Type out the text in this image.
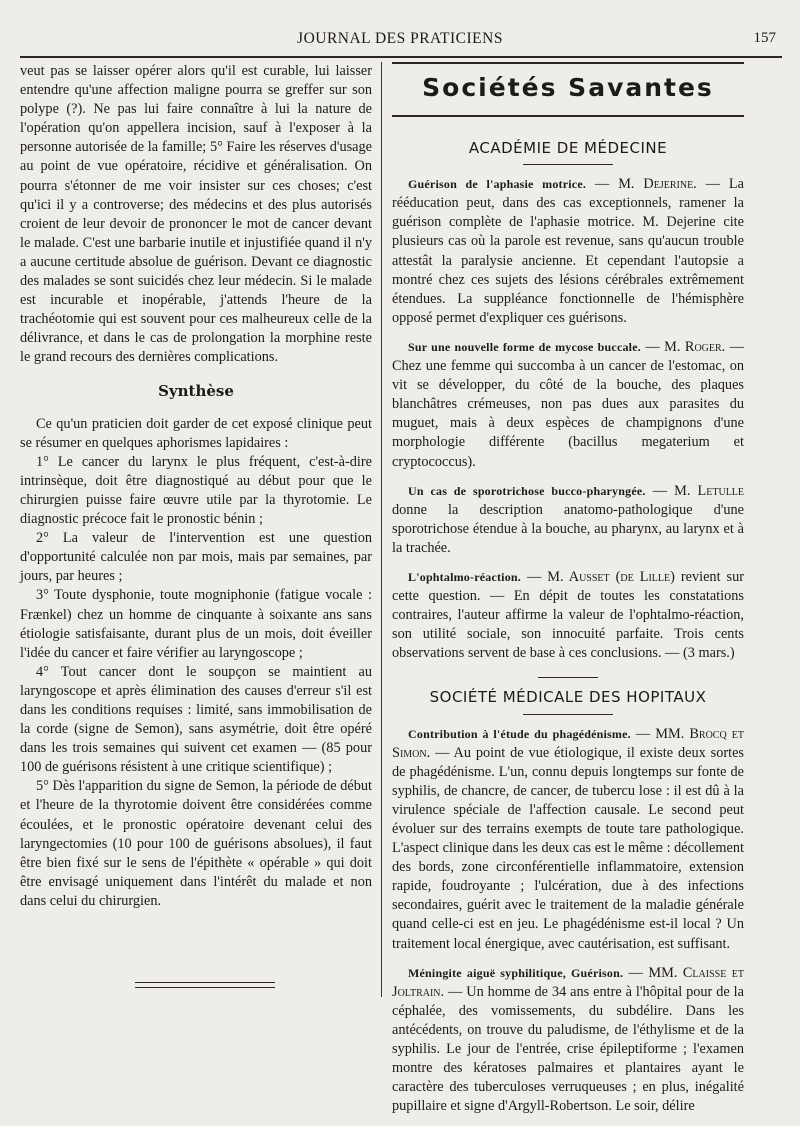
JOURNAL DES PRATICIENS	157

veut pas se laisser opérer alors qu'il est curable, lui laisser entendre qu'une affection maligne pourra se greffer sur son polype (?). Ne pas lui faire connaître à lui la nature de l'opération qu'on appellera incision, sauf à l'exposer à la personne autorisée de la famille; 5° Faire les réserves d'usage au point de vue opératoire, récidive et généralisation. On pourra s'étonner de me voir insister sur ces choses; c'est qu'ici il y a controverse; des médecins et des plus autorisés croient de leur devoir de prononcer le mot de cancer devant le malade. C'est une barbarie inutile et injustifiée quand il n'y a aucune certitude absolue de guérison. Devant ce diagnostic des malades se sont suicidés chez leur médecin. Si le malade est incurable et inopérable, j'attends l'heure de la trachéotomie qui est souvent pour ces malheureux celle de la délivrance, et dans le cas de prolongation la morphine reste le grand recours des dernières complications.

Synthèse

Ce qu'un praticien doit garder de cet exposé clinique peut se résumer en quelques aphorismes lapidaires :

1° Le cancer du larynx le plus fréquent, c'est-à-dire intrinsèque, doit être diagnostiqué au début pour que le chirurgien puisse faire œuvre utile par la thyrotomie. Le diagnostic précoce fait le pronostic bénin ;

2° La valeur de l'intervention est une question d'opportunité calculée non par mois, mais par semaines, par jours, par heures ;

3° Toute dysphonie, toute mogniphonie (fatigue vocale : Frænkel) chez un homme de cinquante à soixante ans sans étiologie satisfaisante, durant plus de un mois, doit éveiller l'idée du cancer et faire vérifier au laryngoscope ;

4° Tout cancer dont le soupçon se maintient au laryngoscope et après élimination des causes d'erreur s'il est dans les conditions requises : limité, sans immobilisation de la corde (signe de Semon), sans asymétrie, doit être opéré dans les trois semaines qui suivent cet examen — (85 pour 100 de guérisons résistent à une critique scientifique) ;

5° Dès l'apparition du signe de Semon, la période de début et l'heure de la thyrotomie doivent être considérées comme écoulées, et le pronostic opératoire devenant celui des laryngectomies (10 pour 100 de guérisons absolues), il faut être bien fixé sur le sens de l'épithète « opérable » qui doit être envisagé uniquement dans l'intérêt du malade et non dans celui du chirurgien.

Sociétés Savantes
ACADÉMIE DE MÉDECINE

Guérison de l'aphasie motrice. — M. Dejerine. — La rééducation peut, dans des cas exceptionnels, ramener la guérison complète de l'aphasie motrice. M. Dejerine cite plusieurs cas où la parole est revenue, sans qu'aucun trouble attestât la paralysie ancienne. Et cependant l'autopsie a montré chez ces sujets des lésions cérébrales extrêmement étendues. La suppléance fonctionnelle de l'hémisphère opposé permet d'expliquer ces guérisons.

Sur une nouvelle forme de mycose buccale. — M. Roger. — Chez une femme qui succomba à un cancer de l'estomac, on vit se développer, du côté de la bouche, des plaques blanchâtres crémeuses, non pas dues aux parasites du muguet, mais à deux espèces de champignons d'une morphologie différente (bacillus megaterium et cryptococcus).

Un cas de sporotrichose bucco-pharyngée. — M. Letulle donne la description anatomo-pathologique d'une sporotrichose étendue à la bouche, au pharynx, au larynx et à la trachée.

L'ophtalmo-réaction. — M. Ausset (de Lille) revient sur cette question. — En dépit de toutes les constatations contraires, l'auteur affirme la valeur de l'ophtalmo-réaction, son utilité sociale, son innocuité parfaite. Trois cents observations servent de base à ces conclusions. — (3 mars.)

SOCIÉTÉ MÉDICALE DES HOPITAUX

Contribution à l'étude du phagédénisme. — MM. Brocq et Simon. — Au point de vue étiologique, il existe deux sortes de phagédénisme. L'un, connu depuis longtemps sur fonte de syphilis, de chancre, de cancer, de tubercu lose : il est dû à la virulence spéciale de l'affection causale. Le second peut évoluer sur des terrains exempts de toute tare pathologique. L'aspect clinique dans les deux cas est le même : décollement des bords, zone circonférentielle inflammatoire, extension rapide, foudroyante ; l'ulcération, due à des infections secondaires, guérit avec le traitement de la maladie générale quand celle-ci est en jeu. Le phagédénisme est-il local ? Un traitement local énergique, avec cautérisation, est suffisant.

Méningite aiguë syphilitique, Guérison. — MM. Claisse et Joltrain. — Un homme de 34 ans entre à l'hôpital pour de la céphalée, des vomissements, du subdélire. Dans les antécédents, on trouve du paludisme, de l'éthylisme et de la syphilis. Le jour de l'entrée, crise épileptiforme ; l'examen montre des kératoses palmaires et plantaires ayant le caractère des tuberculoses verruqueuses ; en plus, inégalité pupillaire et signe d'Argyll-Robertson. Le soir, délire
